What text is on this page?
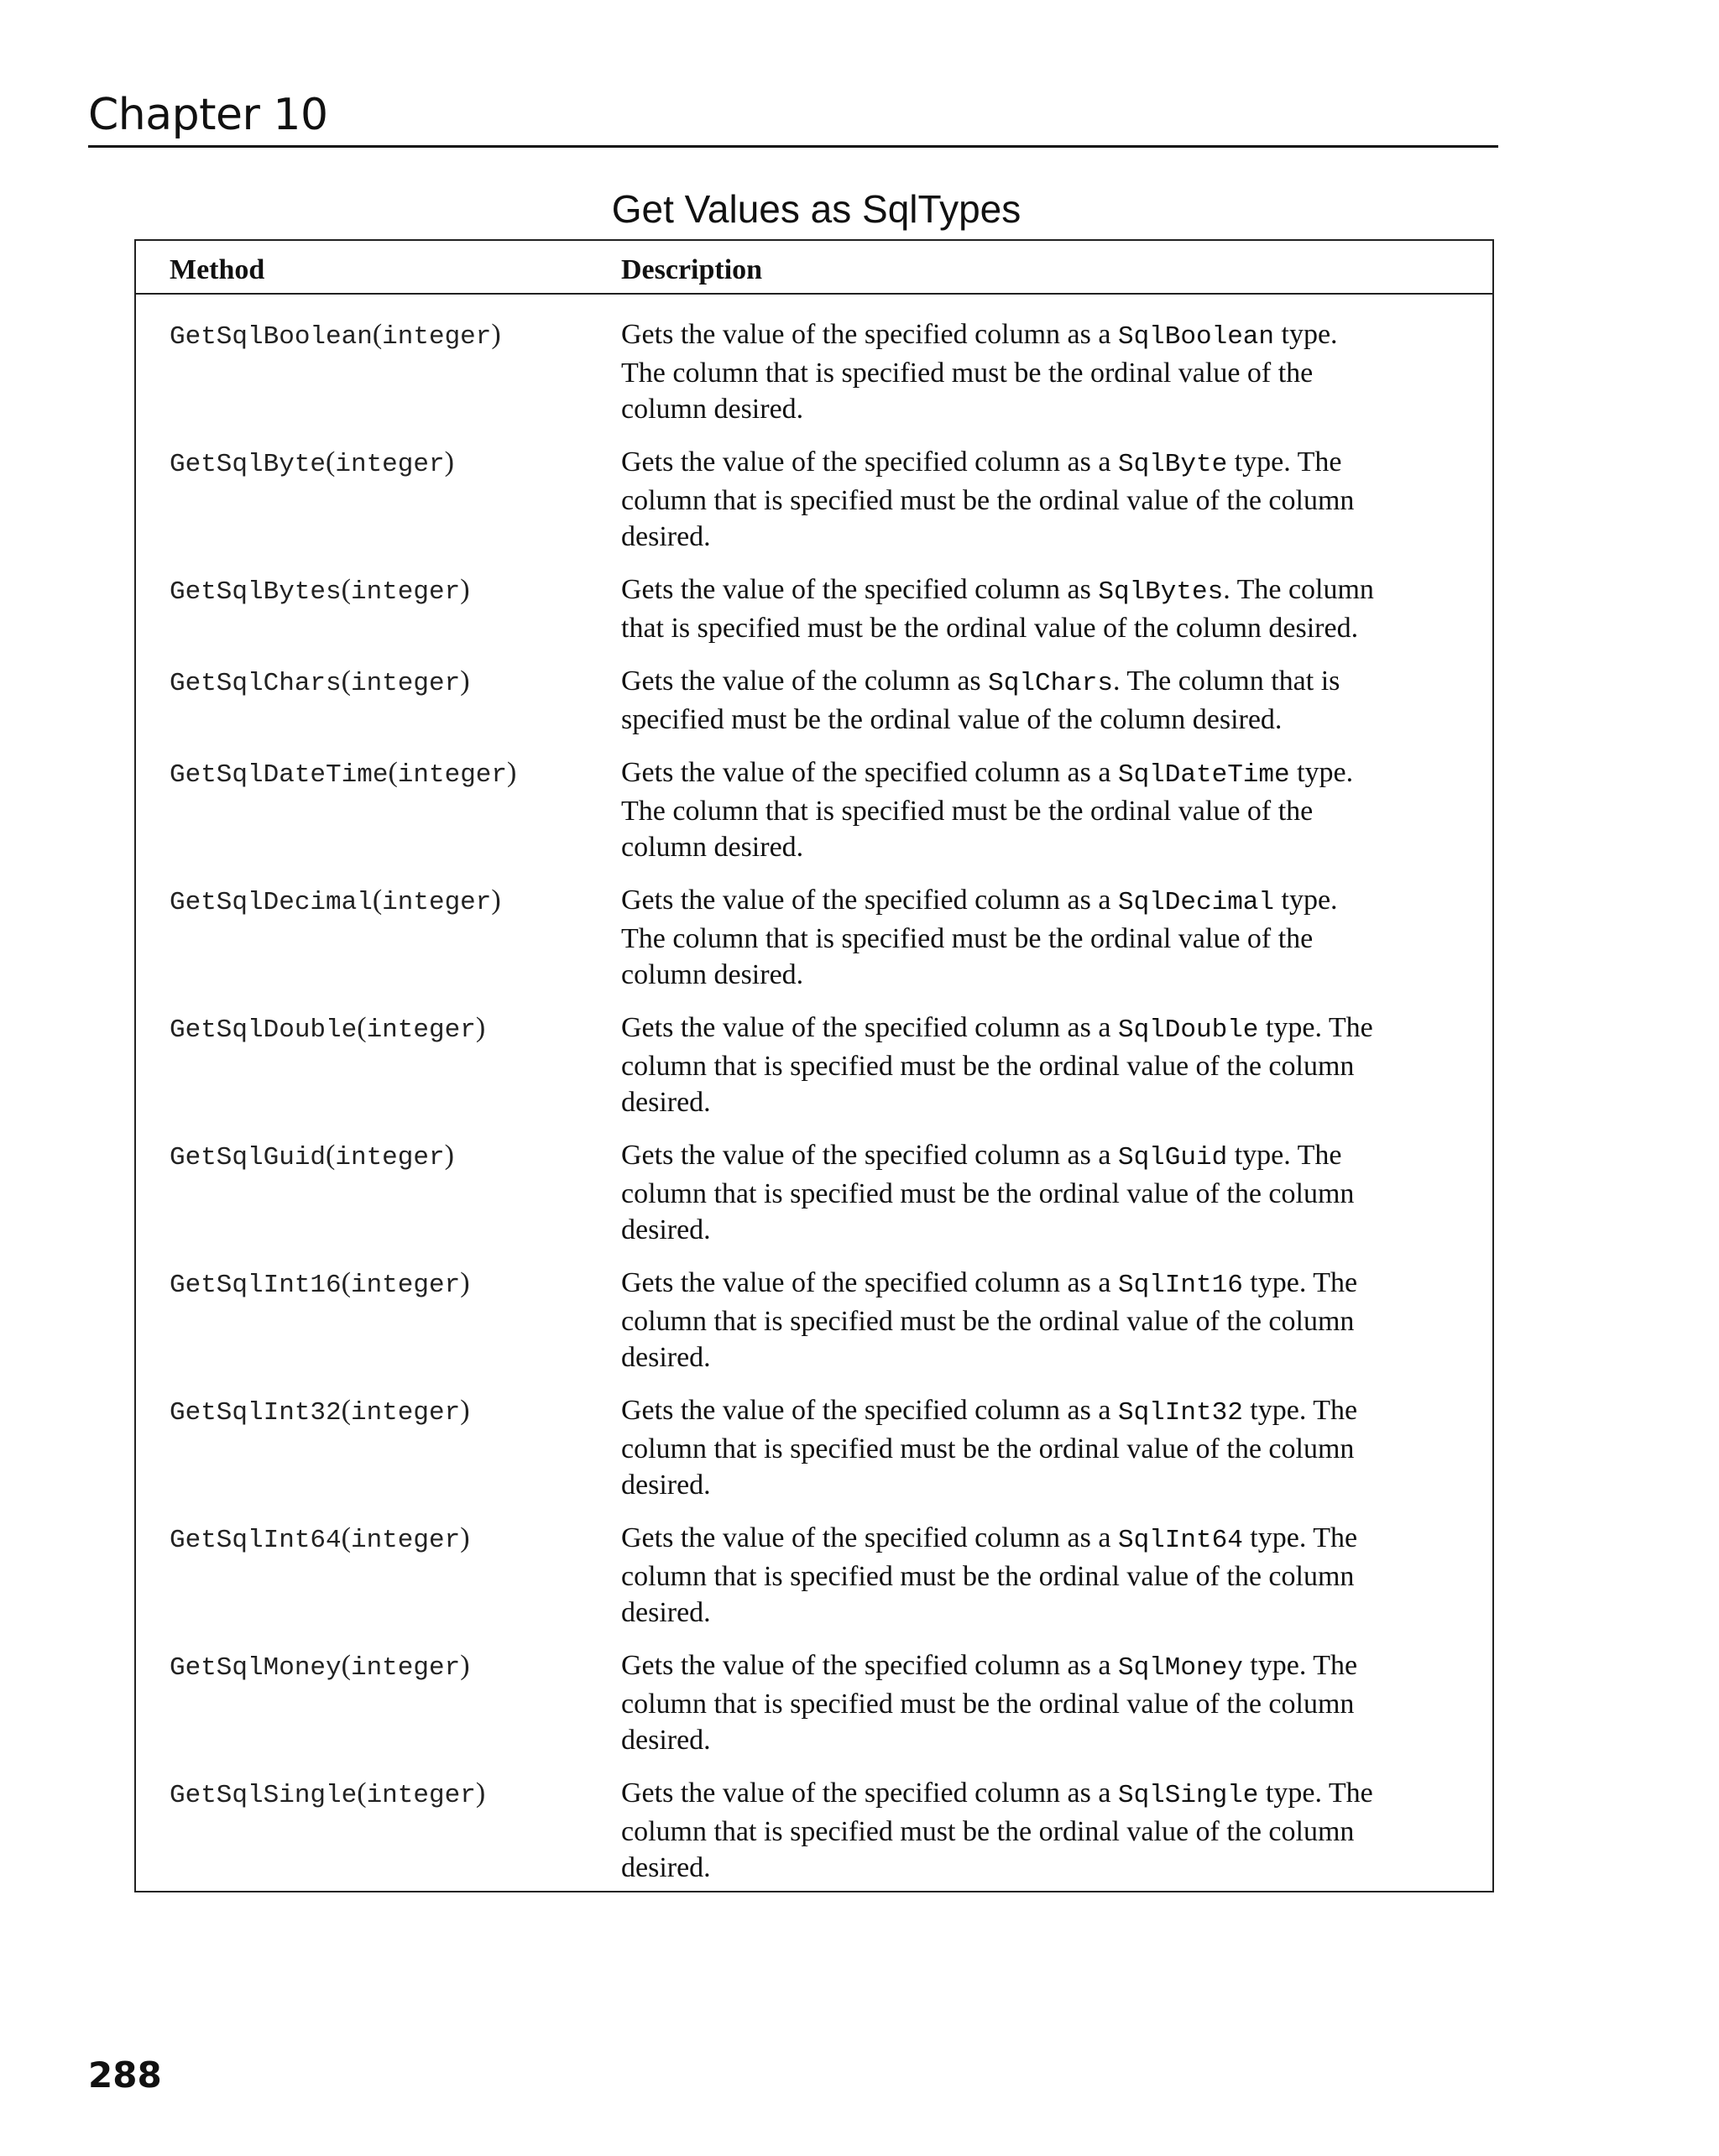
Chapter 10
Get Values as SqlTypes
Method	Description
GetSqlBoolean(integer)	Gets the value of the specified column as a SqlBoolean type.
The column that is specified must be the ordinal value of the
column desired.
GetSqlByte(integer)	Gets the value of the specified column as a SqlByte type. The
column that is specified must be the ordinal value of the column
desired.
GetSqlBytes(integer)	Gets the value of the specified column as SqlBytes. The column
that is specified must be the ordinal value of the column desired.
GetSqlChars(integer)	Gets the value of the column as SqlChars. The column that is
specified must be the ordinal value of the column desired.
GetSqlDateTime(integer)	Gets the value of the specified column as a SqlDateTime type.
The column that is specified must be the ordinal value of the
column desired.
GetSqlDecimal(integer)	Gets the value of the specified column as a SqlDecimal type.
The column that is specified must be the ordinal value of the
column desired.
GetSqlDouble(integer)	Gets the value of the specified column as a SqlDouble type. The
column that is specified must be the ordinal value of the column
desired.
GetSqlGuid(integer)	Gets the value of the specified column as a SqlGuid type. The
column that is specified must be the ordinal value of the column
desired.
GetSqlInt16(integer)	Gets the value of the specified column as a SqlInt16 type. The
column that is specified must be the ordinal value of the column
desired.
GetSqlInt32(integer)	Gets the value of the specified column as a SqlInt32 type. The
column that is specified must be the ordinal value of the column
desired.
GetSqlInt64(integer)	Gets the value of the specified column as a SqlInt64 type. The
column that is specified must be the ordinal value of the column
desired.
GetSqlMoney(integer)	Gets the value of the specified column as a SqlMoney type. The
column that is specified must be the ordinal value of the column
desired.
GetSqlSingle(integer)	Gets the value of the specified column as a SqlSingle type. The
column that is specified must be the ordinal value of the column
desired.
288
